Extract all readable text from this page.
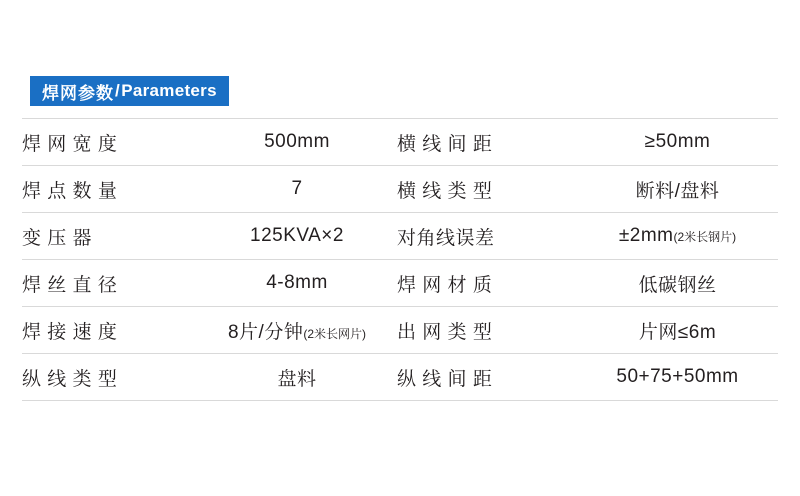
焊网参数 / Parameters
焊 网 宽 度	500mm	横 线 间 距	≥50mm
焊 点 数 量	7	横 线 类 型	断料/盘料
变 压 器	125KVA×2	对角线误差	±2mm(2米长钢片)
焊 丝 直 径	4-8mm	焊 网 材 质	低碳钢丝
焊 接 速 度	8片/分钟(2米长网片)	出 网 类 型	片网≤6m
纵 线 类 型	盘料	纵 线 间 距	50+75+50mm
